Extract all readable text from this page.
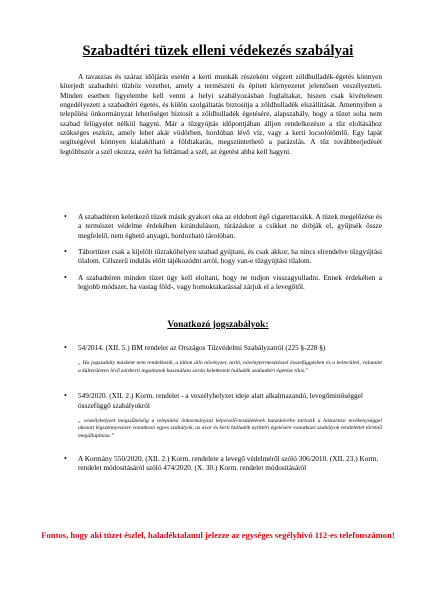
Szabadtéri tüzek elleni védekezés szabályai

A tavaszias és száraz időjárás esetén a kerti munkák részeként végzett zöldhulladék-égetés könnyen kiterjedt szabadtéri tűzhöz vezethet, amely a természeti és épített környezetet jelentősen veszélyezteti. Minden esetben figyelembe kell venni a helyi szabályozásban foglaltakat, hiszen csak kivételesen engedélyezett a szabadtéri égetés, és külön szolgáltatás biztosítja a zöldhulladék elszállítását. Amennyiben a települési önkormányzat lehetőséget biztosít a zöldhulladék égetésére, alapszabály, hogy a tüzet soha nem szabad felügyelet nélkül hagyni. Már a tűzgyújtás időpontjában álljon rendelkezésre a tűz eloltásához szükséges eszköz, amely lehet akár vödörben, hordóban lévő víz, vagy a kerti locsolótömlő. Egy lapát segítségével könnyen kialakítható a földtakarás, megszüntethető a parázslás. A tűz továbbterjedését legtöbbször a szél okozza, ezért ha feltámad a szél, az égetést abba kell hagyni.

• A szabadtéren keletkező tüzek másik gyakori oka az eldobott égő cigarettacsikk. A tüzek megelőzése és a természet védelme érdekében kiránduláson, túrázáskor a csikket ne dobják el, gyűjtsék össze megfelelő, nem éghető anyagú, hordozható tárolóban.
• Tábortüzet csak a kijelölt tűzrakóhelyen szabad gyújtani, és csak akkor, ha nincs elrendelve tűzgyújtási tilalom. Célszerű indulás előtt tájékozódni arról, hogy van-e tűzgyújtási tilalom.
• A szabadtéren minden tüzet úgy kell eloltani, hogy ne tudjon visszagyulladni. Ennek érdekében a legjobb módszer, ha vastag föld-, vagy homoktakarással zárjuk el a levegőtől.
Vonatkozó jogszabályok:
• 54/2014. (XII. 5.) BM rendelet az Országos Tűzvédelmi Szabályzatról (225 §-228 §)

„ Ha jogszabály másként nem rendelkezik, a lábon álló növényzet, tarló, növénytermesztéssel összefüggésben és a belterületi, valamint a külterületen lévő zártkerti ingatlanok használata során keletkezett hulladék szabadtéri égetése tilos.”

• 549/2020. (XII. 2.) Korm. rendelet - a veszélyhelyzet ideje alatt alkalmazandó, levegőminőséggel összefüggő szabályokról

„ veszélyhelyzet megszűnéséig a települési önkormányzat képviselő-testületének hatáskörébe tartozik a háztartási tevékenységgel okozott légszennyezésre vonatkozó egyes szabályok, az avar és kerti hulladék nyílttéri égetésére vonatkozó szabályok rendelettel történő megállapítása.”

• A Kormány 550/2020. (XII. 2.) Korm. rendelete a levegő védelméről szóló 306/2010. (XII. 23.) Korm. rendelet módosításáról szóló 474/2020. (X. 30.) Korm. rendelet módosításáról
Fontos, hogy aki tüzet észlel, haladéktalanul jelezze az egységes segélyhívó 112-es telefonszámon!
